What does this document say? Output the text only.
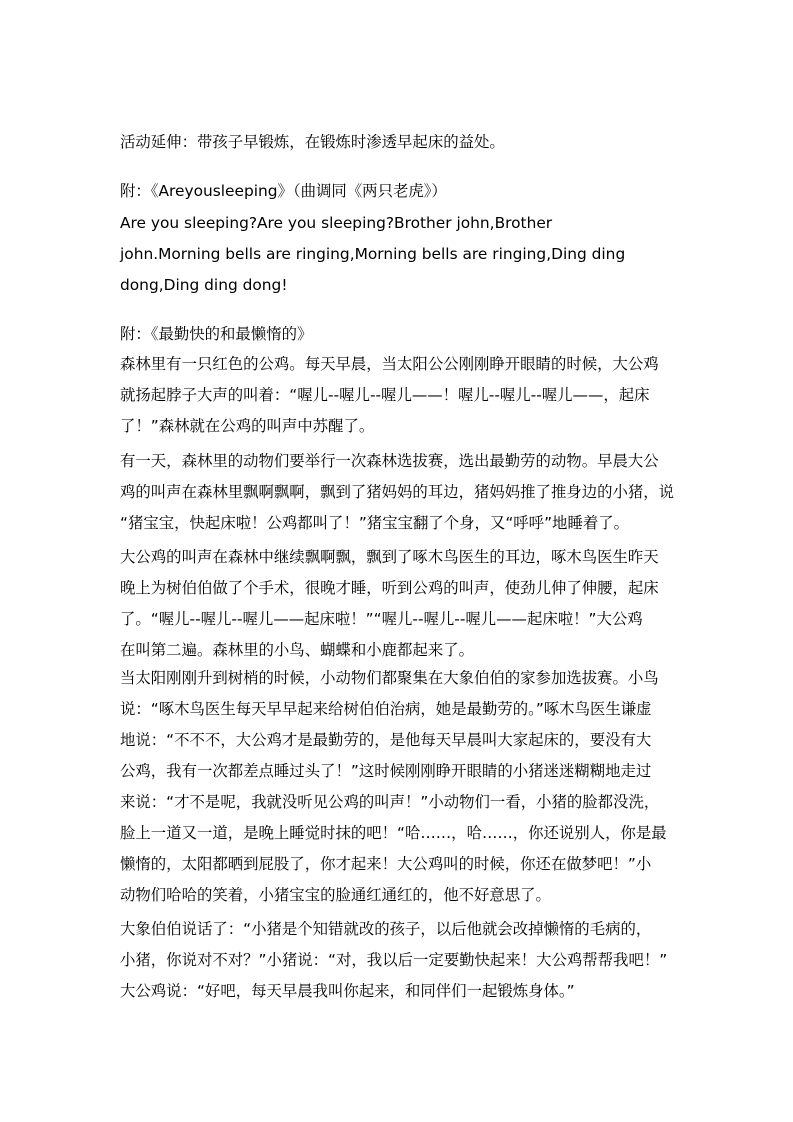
活动延伸：带孩子早锻炼，在锻炼时渗透早起床的益处。

附：《Areyousleeping》（曲调同《两只老虎》）

Are you sleeping?Are you sleeping?Brother john,Brother
john.Morning bells are ringing,Morning bells are ringing,Ding ding
dong,Ding ding dong!

附：《最勤快的和最懒惰的》

森林里有一只红色的公鸡。每天早晨，当太阳公公刚刚睁开眼睛的时候，大公鸡
就扬起脖子大声的叫着：“喔儿--喔儿--喔儿——！喔儿--喔儿--喔儿——，起床
了！”森林就在公鸡的叫声中苏醒了。

有一天，森林里的动物们要举行一次森林选拔赛，选出最勤劳的动物。早晨大公
鸡的叫声在森林里飘啊飘啊，飘到了猪妈妈的耳边，猪妈妈推了推身边的小猪，说
“猪宝宝，快起床啦！公鸡都叫了！”猪宝宝翻了个身，又“呼呼”地睡着了。

大公鸡的叫声在森林中继续飘啊飘，飘到了啄木鸟医生的耳边，啄木鸟医生昨天
晚上为树伯伯做了个手术，很晚才睡，听到公鸡的叫声，使劲儿伸了伸腰，起床
了。“喔儿--喔儿--喔儿——起床啦！”“喔儿--喔儿--喔儿——起床啦！”大公鸡
在叫第二遍。森林里的小鸟、蝴蝶和小鹿都起来了。

当太阳刚刚升到树梢的时候，小动物们都聚集在大象伯伯的家参加选拔赛。小鸟
说：“啄木鸟医生每天早早起来给树伯伯治病，她是最勤劳的。”啄木鸟医生谦虚
地说：“不不不，大公鸡才是最勤劳的，是他每天早晨叫大家起床的，要没有大
公鸡，我有一次都差点睡过头了！”这时候刚刚睁开眼睛的小猪迷迷糊糊地走过
来说：“才不是呢，我就没听见公鸡的叫声！”小动物们一看，小猪的脸都没洗，
脸上一道又一道，是晚上睡觉时抹的吧！“哈……，哈……，你还说别人，你是最
懒惰的，太阳都晒到屁股了，你才起来！大公鸡叫的时候，你还在做梦吧！”小
动物们哈哈的笑着，小猪宝宝的脸通红通红的，他不好意思了。

大象伯伯说话了：“小猪是个知错就改的孩子，以后他就会改掉懒惰的毛病的，
小猪，你说对不对？”小猪说：“对，我以后一定要勤快起来！大公鸡帮帮我吧！”
大公鸡说：“好吧，每天早晨我叫你起来，和同伴们一起锻炼身体。”
